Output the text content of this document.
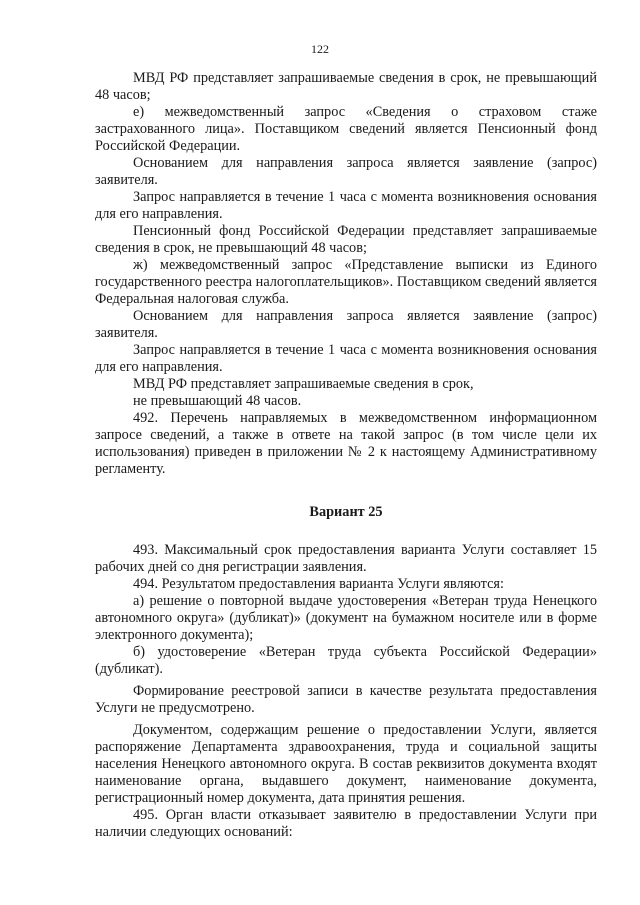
122

МВД РФ представляет запрашиваемые сведения в срок, не превышающий 48 часов;

е) межведомственный запрос «Сведения о страховом стаже застрахованного лица». Поставщиком сведений является Пенсионный фонд Российской Федерации.

Основанием для направления запроса является заявление (запрос) заявителя.

Запрос направляется в течение 1 часа с момента возникновения основания для его направления.

Пенсионный фонд Российской Федерации представляет запрашиваемые сведения в срок, не превышающий 48 часов;

ж) межведомственный запрос «Представление выписки из Единого государственного реестра налогоплательщиков». Поставщиком сведений является Федеральная налоговая служба.

Основанием для направления запроса является заявление (запрос) заявителя.

Запрос направляется в течение 1 часа с момента возникновения основания для его направления.

МВД РФ представляет запрашиваемые сведения в срок,

не превышающий 48 часов.

492. Перечень направляемых в межведомственном информационном запросе сведений, а также в ответе на такой запрос (в том числе цели их использования) приведен в приложении № 2 к настоящему Административному регламенту.

Вариант 25

493. Максимальный срок предоставления варианта Услуги составляет 15 рабочих дней со дня регистрации заявления.

494. Результатом предоставления варианта Услуги являются:

а) решение о повторной выдаче удостоверения «Ветеран труда Ненецкого автономного округа» (дубликат)» (документ на бумажном носителе или в форме электронного документа);

б) удостоверение «Ветеран труда субъекта Российской Федерации» (дубликат).

Формирование реестровой записи в качестве результата предоставления Услуги не предусмотрено.

Документом, содержащим решение о предоставлении Услуги, является распоряжение Департамента здравоохранения, труда и социальной защиты населения Ненецкого автономного округа. В состав реквизитов документа входят наименование органа, выдавшего документ, наименование документа, регистрационный номер документа, дата принятия решения.

495. Орган власти отказывает заявителю в предоставлении Услуги при наличии следующих оснований:
